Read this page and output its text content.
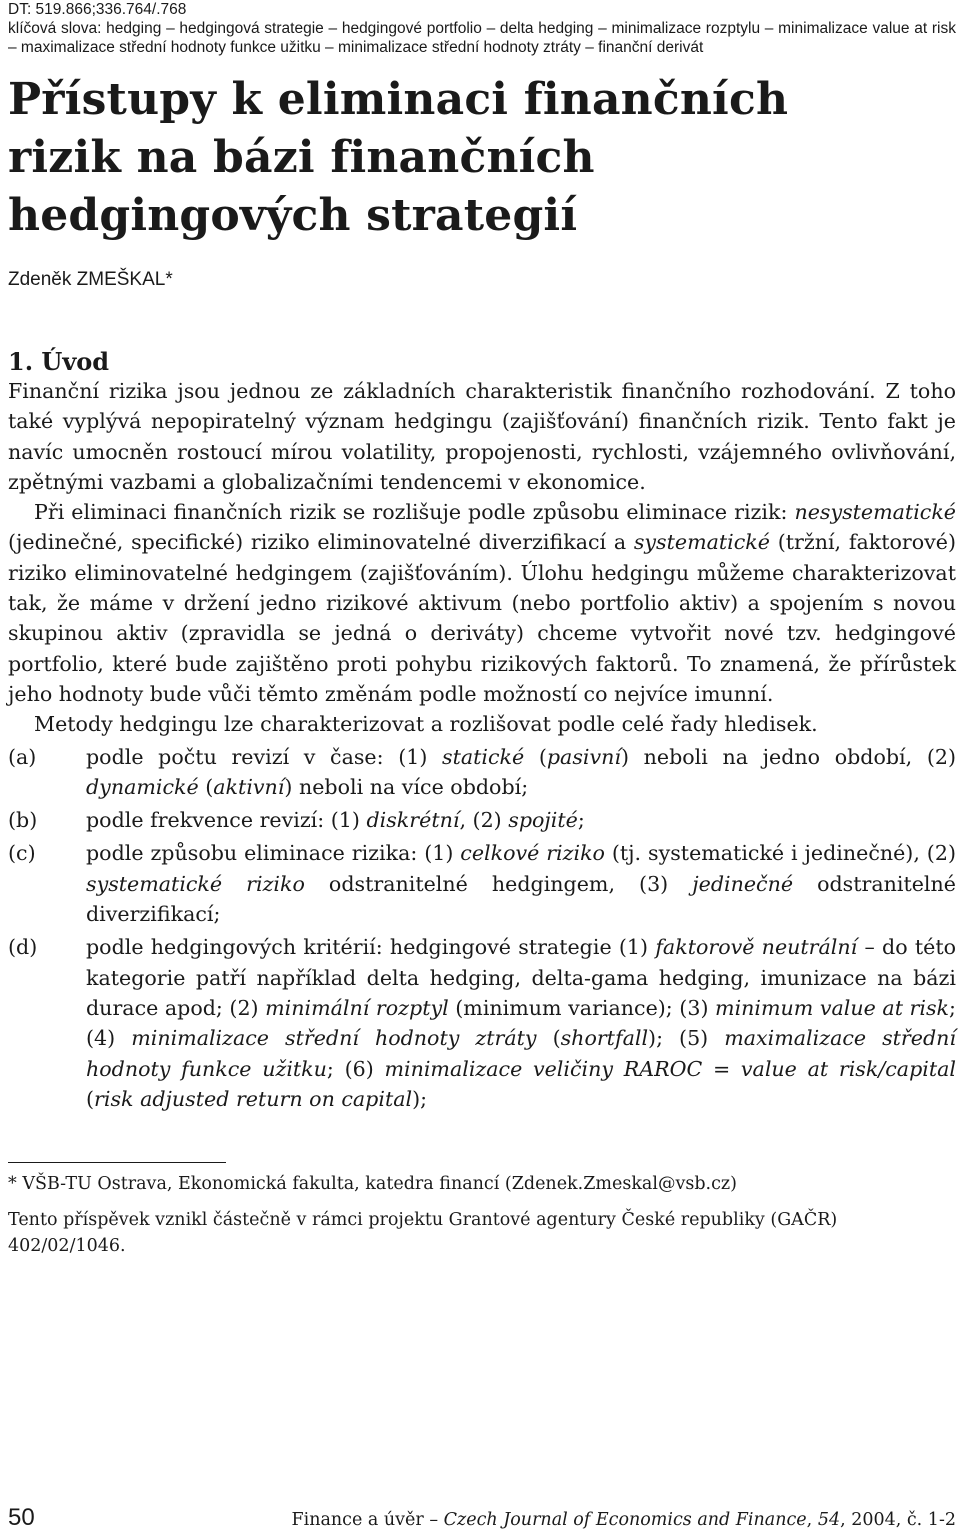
DT: 519.866;336.764/.768
klíčová slova: hedging – hedgingová strategie – hedgingové portfolio – delta hedging – minimalizace rozptylu – minimalizace value at risk – maximalizace střední hodnoty funkce užitku – minimalizace střední hodnoty ztráty – finanční derivát
Přístupy k eliminaci finančních
rizik na bázi finančních
hedgingových strategií
Zdeněk ZMEŠKAL*
1. Úvod

Finanční rizika jsou jednou ze základních charakteristik finančního rozhodování. Z toho také vyplývá nepopiratelný význam hedgingu (zajišťování) finančních rizik. Tento fakt je navíc umocněn rostoucí mírou volatility, propojenosti, rychlosti, vzájemného ovlivňování, zpětnými vazbami a globalizačními tendencemi v ekonomice.

Při eliminaci finančních rizik se rozlišuje podle způsobu eliminace rizik: nesystematické (jedinečné, specifické) riziko eliminovatelné diverzifikací a systematické (tržní, faktorové) riziko eliminovatelné hedgingem (zajišťováním). Úlohu hedgingu můžeme charakterizovat tak, že máme v držení jedno rizikové aktivum (nebo portfolio aktiv) a spojením s novou skupinou aktiv (zpravidla se jedná o deriváty) chceme vytvořit nové tzv. hedgingové portfolio, které bude zajištěno proti pohybu rizikových faktorů. To znamená, že přírůstek jeho hodnoty bude vůči těmto změnám podle možností co nejvíce imunní.

Metody hedgingu lze charakterizovat a rozlišovat podle celé řady hledisek.

(a)	podle počtu revizí v čase: (1) statické (pasivní) neboli na jedno období, (2) dynamické (aktivní) neboli na více období;
(b)	podle frekvence revizí: (1) diskrétní, (2) spojité;
(c)	podle způsobu eliminace rizika: (1) celkové riziko (tj. systematické i jedinečné), (2) systematické riziko odstranitelné hedgingem, (3) jedinečné odstranitelné diverzifikací;
(d)	podle hedgingových kritérií: hedgingové strategie (1) faktorově neutrální – do této kategorie patří například delta hedging, delta-gama hedging, imunizace na bázi durace apod; (2) minimální rozptyl (minimum variance); (3) minimum value at risk; (4) minimalizace střední hodnoty ztráty (shortfall); (5) maximalizace střední hodnoty funkce užitku; (6) minimalizace veličiny RAROC = value at risk/capital (risk adjusted return on capital);
* VŠB-TU Ostrava, Ekonomická fakulta, katedra financí (Zdenek.Zmeskal@vsb.cz)
Tento příspěvek vznikl částečně v rámci projektu Grantové agentury České republiky (GAČR) 402/02/1046.
50	Finance a úvěr – Czech Journal of Economics and Finance, 54, 2004, č. 1-2
